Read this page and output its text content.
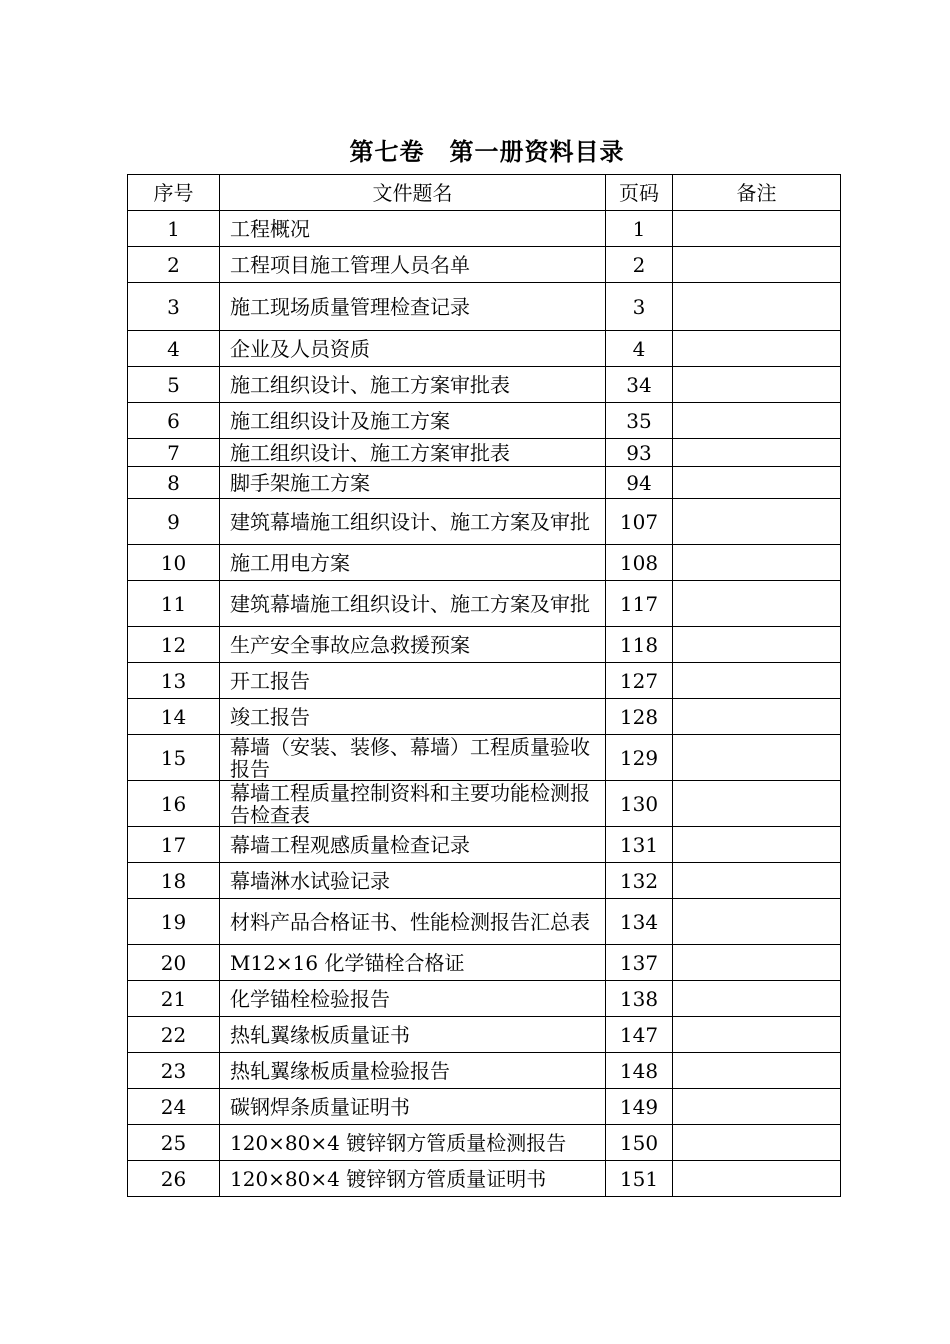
第七卷　第一册资料目录
序号	文件题名	页码	备注
1	工程概况	1	
2	工程项目施工管理人员名单	2	
3	施工现场质量管理检查记录	3	
4	企业及人员资质	4	
5	施工组织设计、施工方案审批表	34	
6	施工组织设计及施工方案	35	
7	施工组织设计、施工方案审批表	93	
8	脚手架施工方案	94	
9	建筑幕墙施工组织设计、施工方案及审批	107	
10	施工用电方案	108	
11	建筑幕墙施工组织设计、施工方案及审批	117	
12	生产安全事故应急救援预案	118	
13	开工报告	127	
14	竣工报告	128	
15	幕墙（安装、装修、幕墙）工程质量验收报告	129	
16	幕墙工程质量控制资料和主要功能检测报告检查表	130	
17	幕墙工程观感质量检查记录	131	
18	幕墙淋水试验记录	132	
19	材料产品合格证书、性能检测报告汇总表	134	
20	M12×16 化学锚栓合格证	137	
21	化学锚栓检验报告	138	
22	热轧翼缘板质量证书	147	
23	热轧翼缘板质量检验报告	148	
24	碳钢焊条质量证明书	149	
25	120×80×4 镀锌钢方管质量检测报告	150	
26	120×80×4 镀锌钢方管质量证明书	151	
